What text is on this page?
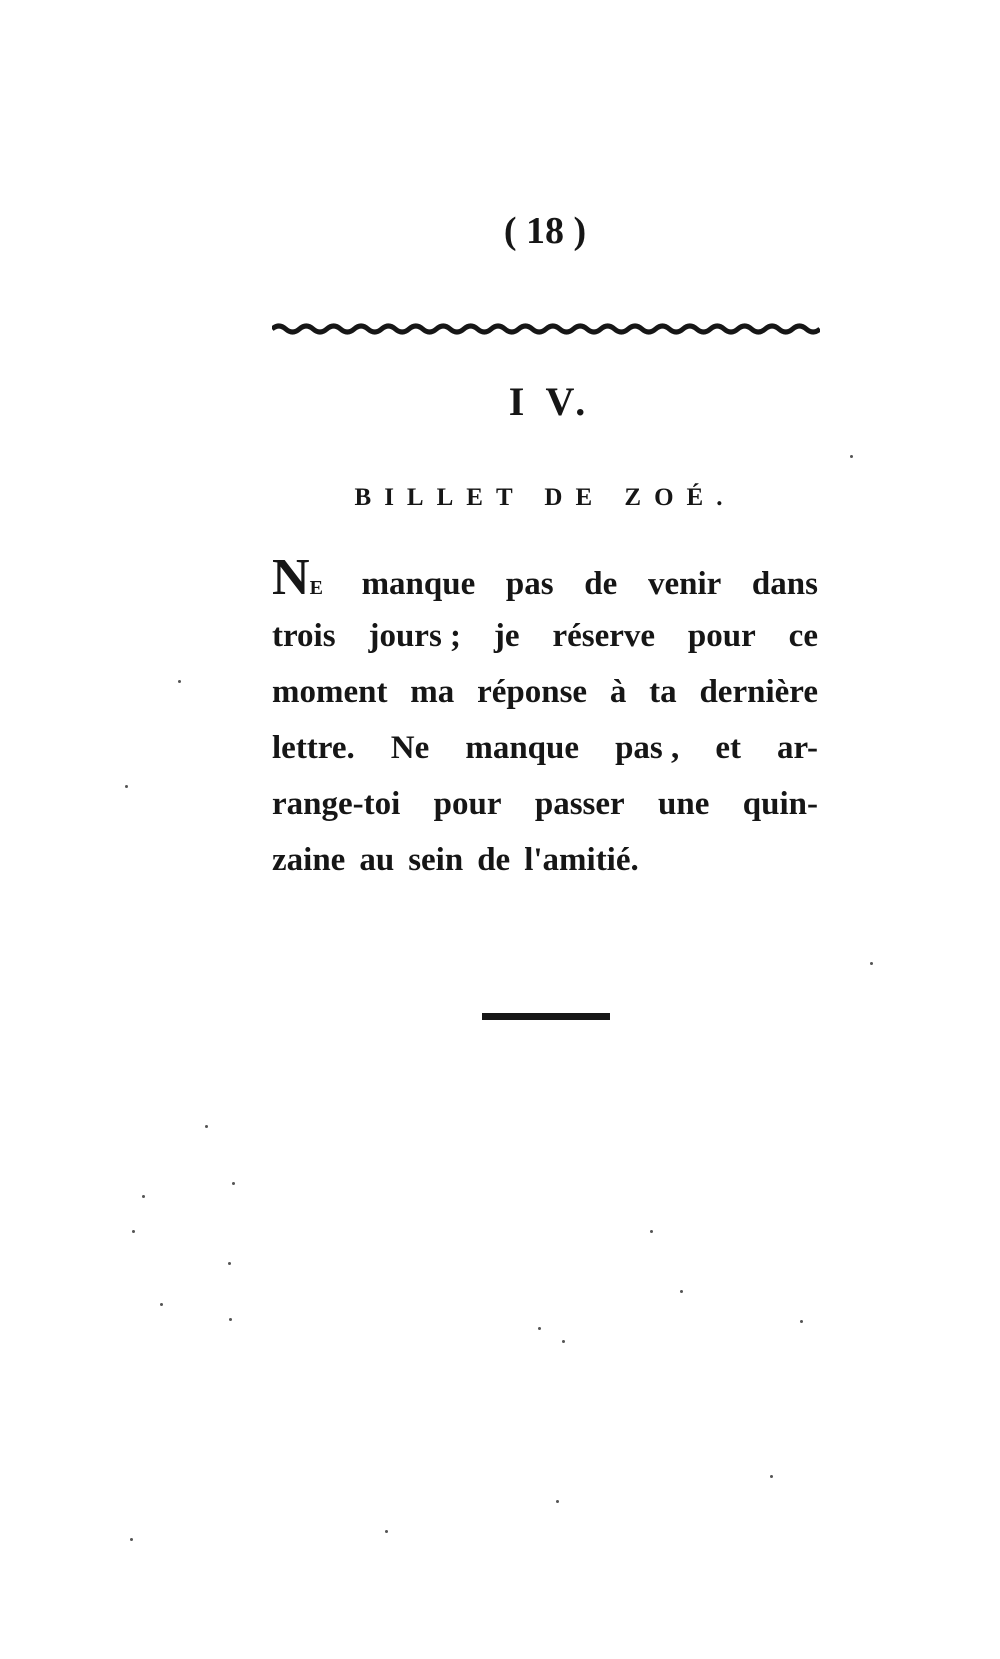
( 18 )
I V.
BILLET DE ZOÉ.
NE manque pas de venir dans
trois jours ; je réserve pour ce
moment ma réponse à ta dernière
lettre. Ne manque pas , et ar-
range-toi pour passer une quin-
zaine au sein de l'amitié.
